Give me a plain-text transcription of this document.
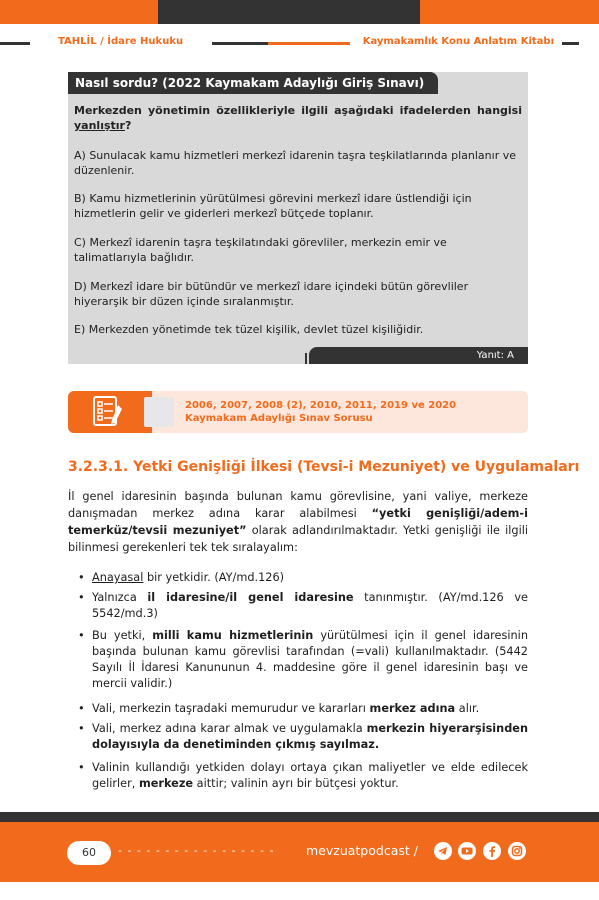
TAHLİL / İdare Hukuku	Kaymakamlık Konu Anlatım Kitabı
Nasıl sordu? (2022 Kaymakam Adaylığı Giriş Sınavı)
Merkezden yönetimin özellikleriyle ilgili aşağıdaki ifadelerden hangisi yanlıştır?
A) Sunulacak kamu hizmetleri merkezî idarenin taşra teşkilatlarında planlanır ve düzenlenir.
B) Kamu hizmetlerinin yürütülmesi görevini merkezî idare üstlendiği için hizmetlerin gelir ve giderleri merkezî bütçede toplanır.
C) Merkezî idarenin taşra teşkilatındaki görevliler, merkezin emir ve talimatlarıyla bağlıdır.
D) Merkezî idare bir bütündür ve merkezî idare içindeki bütün görevliler hiyerarşik bir düzen içinde sıralanmıştır.
E) Merkezden yönetimde tek tüzel kişilik, devlet tüzel kişiliğidir.
Yanıt: A
2006, 2007, 2008 (2), 2010, 2011, 2019 ve 2020 Kaymakam Adaylığı Sınav Sorusu
3.2.3.1. Yetki Genişliği İlkesi (Tevsi-i Mezuniyet) ve Uygulamaları
İl genel idaresinin başında bulunan kamu görevlisine, yani valiye, merkeze danışmadan merkez adına karar alabilmesi “yetki genişliği/adem-i temerküz/tevsii mezuniyet” olarak adlandırılmaktadır. Yetki genişliği ile ilgili bilinmesi gerekenleri tek tek sıralayalım:
• Anayasal bir yetkidir. (AY/md.126)
• Yalnızca il idaresine/il genel idaresine tanınmıştır. (AY/md.126 ve 5542/md.3)
• Bu yetki, milli kamu hizmetlerinin yürütülmesi için il genel idaresinin başında bulunan kamu görevlisi tarafından (=vali) kullanılmaktadır. (5442 Sayılı İl İdaresi Kanununun 4. maddesine göre il genel idaresinin başı ve mercii validir.)
• Vali, merkezin taşradaki memurudur ve kararları merkez adına alır.
• Vali, merkez adına karar almak ve uygulamakla merkezin hiyerarşisinden dolayısıyla da denetiminden çıkmış sayılmaz.
• Valinin kullandığı yetkiden dolayı ortaya çıkan maliyetler ve elde edilecek gelirler, merkeze aittir; valinin ayrı bir bütçesi yoktur.
60	- - - - - - - - - - - - - - - - -	mevzuatpodcast /
